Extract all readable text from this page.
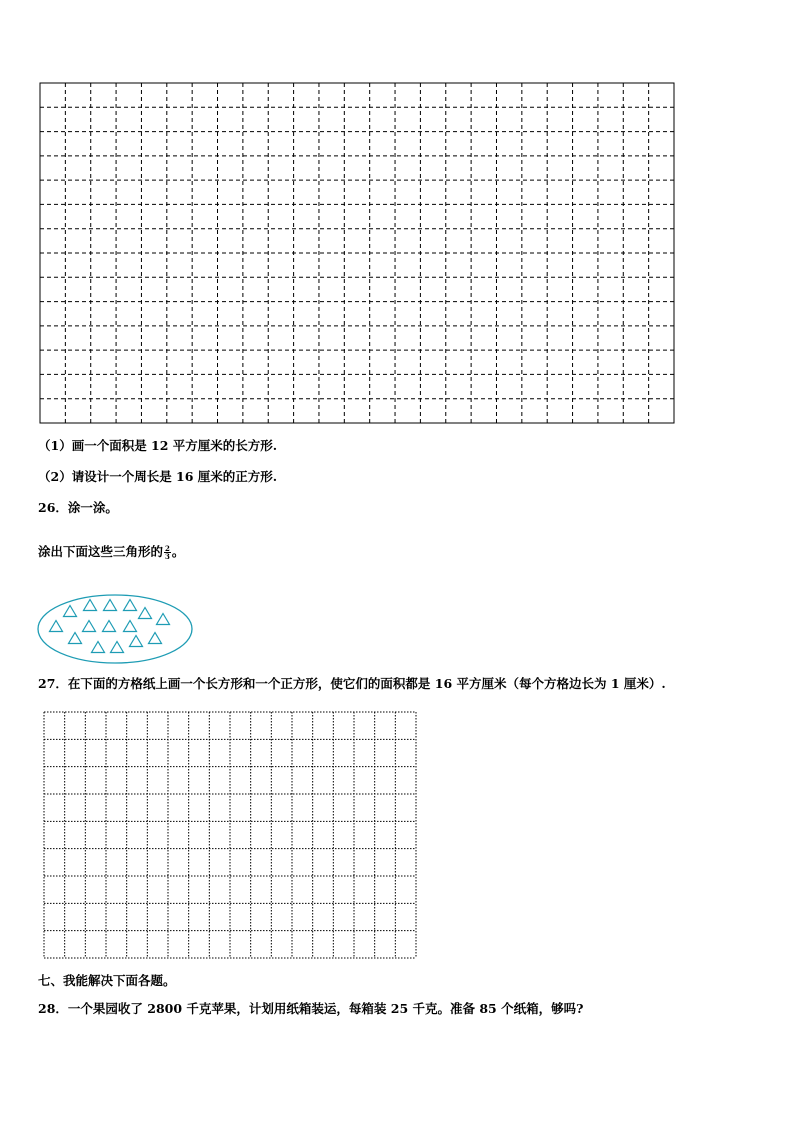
（1）画一个面积是 12 平方厘米的长方形.

（2）请设计一个周长是 16 厘米的正方形.

26．涂一涂。

涂出下面这些三角形的 $\frac{2}{3}$ 。

27．在下面的方格纸上画一个长方形和一个正方形，使它们的面积都是 16 平方厘米（每个方格边长为 1 厘米）.

七、我能解决下面各题。

28．一个果园收了 2800 千克苹果，计划用纸箱装运，每箱装 25 千克。准备 85 个纸箱，够吗?
